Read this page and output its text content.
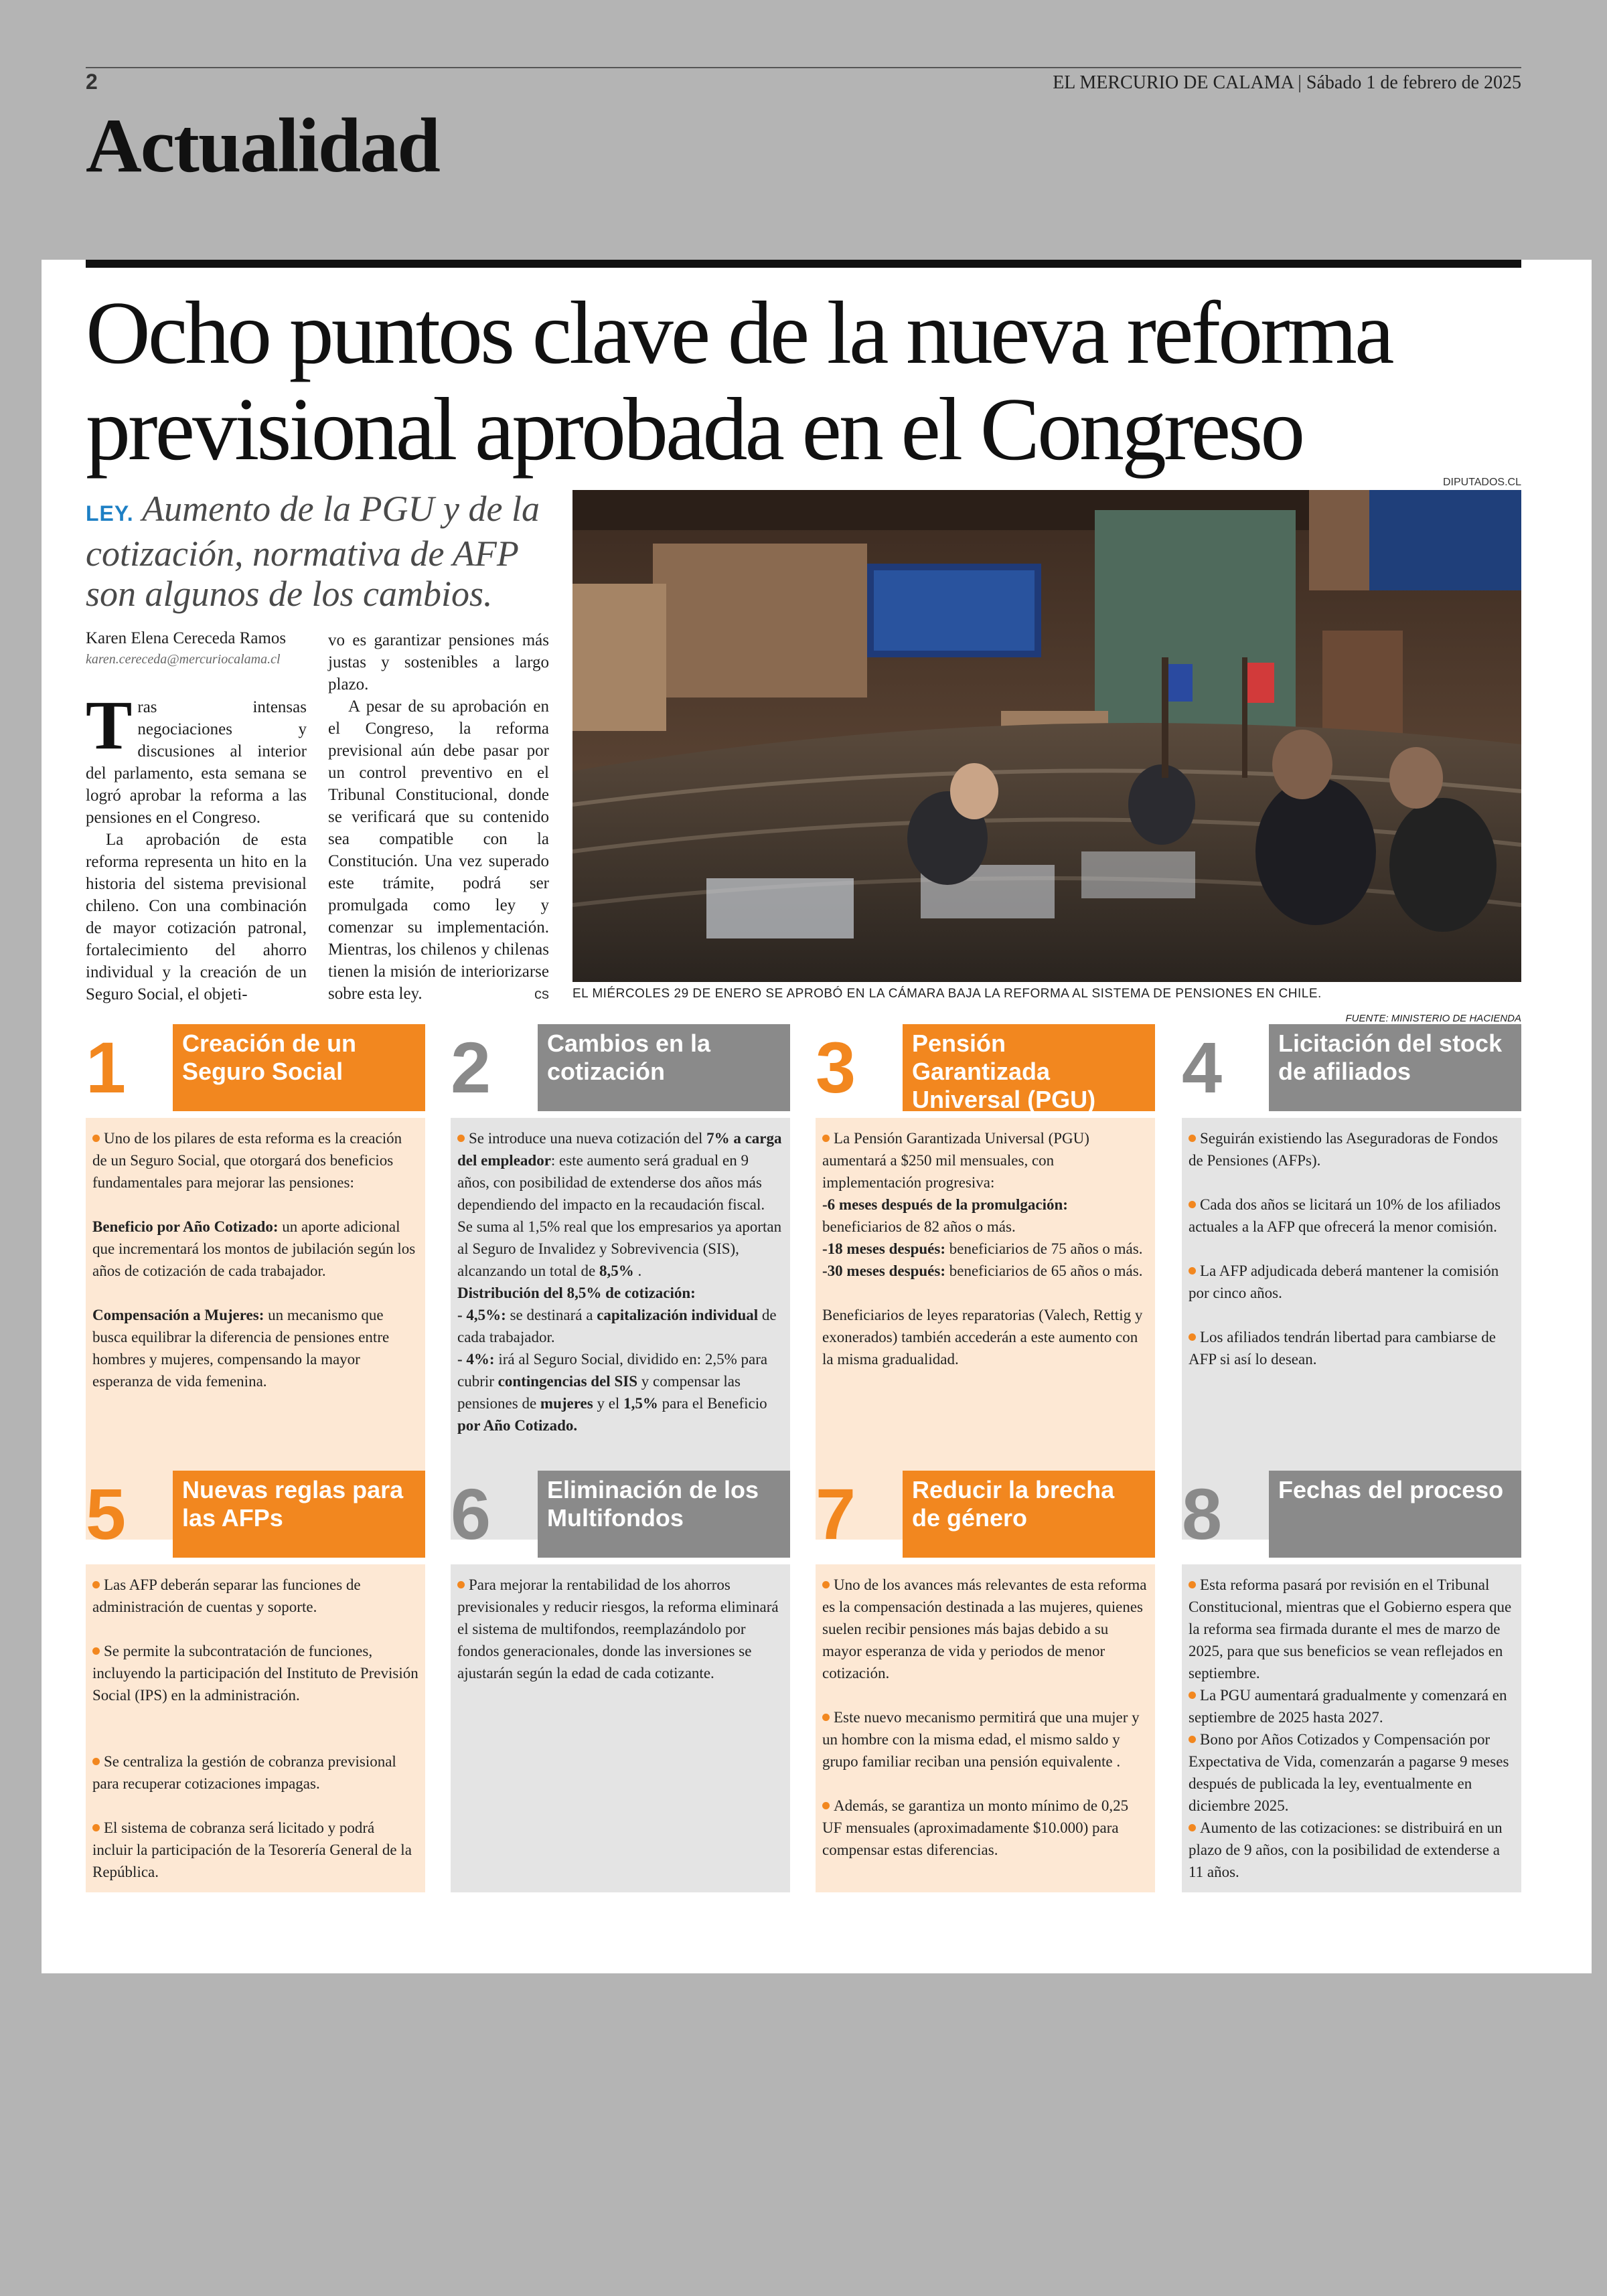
2	EL MERCURIO DE CALAMA | Sábado 1 de febrero de 2025
Actualidad
Ocho puntos clave de la nueva reforma previsional aprobada en el Congreso
LEY. Aumento de la PGU y de la cotización, normativa de AFP son algunos de los cambios.
Karen Elena Cereceda Ramos
karen.cereceda@mercuriocalama.cl

Tras intensas negociaciones y discusiones al interior del parlamento, esta semana se logró aprobar la reforma a las pensiones en el Congreso.

La aprobación de esta reforma representa un hito en la historia del sistema previsional chileno. Con una combinación de mayor cotización patronal, fortalecimiento del ahorro individual y la creación de un Seguro Social, el objeti-

vo es garantizar pensiones más justas y sostenibles a largo plazo.

A pesar de su aprobación en el Congreso, la reforma previsional aún debe pasar por un control preventivo en el Tribunal Constitucional, donde se verificará que su contenido sea compatible con la Constitución. Una vez superado este trámite, podrá ser promulgada como ley y comenzar su implementación. Mientras, los chilenos y chilenas tienen la misión de interiorizarse sobre esta ley.	cs

DIPUTADOS.CL
EL MIÉRCOLES 29 DE ENERO SE APROBÓ EN LA CÁMARA BAJA LA REFORMA AL SISTEMA DE PENSIONES EN CHILE.
FUENTE: MINISTERIO DE HACIENDA
1	Creación de un Seguro Social

Uno de los pilares de esta reforma es la creación de un Seguro Social, que otorgará dos beneficios fundamentales para mejorar las pensiones:

Beneficio por Año Cotizado: un aporte adicional que incrementará los montos de jubilación según los años de cotización de cada trabajador.

Compensación a Mujeres: un mecanismo que busca equilibrar la diferencia de pensiones entre hombres y mujeres, compensando la mayor esperanza de vida femenina.

2	Cambios en la cotización

Se introduce una nueva cotización del 7% a carga del empleador: este aumento será gradual en 9 años, con posibilidad de extenderse dos años más dependiendo del impacto en la recaudación fiscal. Se suma al 1,5% real que los empresarios ya aportan al Seguro de Invalidez y Sobrevivencia (SIS), alcanzando un total de 8,5% .

Distribución del 8,5% de cotización:

- 4,5%: se destinará a capitalización individual de cada trabajador.

- 4%: irá al Seguro Social, dividido en: 2,5% para cubrir contingencias del SIS y compensar las pensiones de mujeres y el 1,5% para el Beneficio por Año Cotizado.

3	Pensión Garantizada Universal (PGU)

La Pensión Garantizada Universal (PGU) aumentará a $250 mil mensuales, con implementación progresiva:

-6 meses después de la promulgación: beneficiarios de 82 años o más.

-18 meses después: beneficiarios de 75 años o más.

-30 meses después: beneficiarios de 65 años o más.

Beneficiarios de leyes reparatorias (Valech, Rettig y exonerados) también accederán a este aumento con la misma gradualidad.

4	Licitación del stock de afiliados

Seguirán existiendo las Aseguradoras de Fondos de Pensiones (AFPs).

Cada dos años se licitará un 10% de los afiliados actuales a la AFP que ofrecerá la menor comisión.

La AFP adjudicada deberá mantener la comisión por cinco años.

Los afiliados tendrán libertad para cambiarse de AFP si así lo desean.

5	Nuevas reglas para las AFPs

Las AFP deberán separar las funciones de administración de cuentas y soporte.

Se permite la subcontratación de funciones, incluyendo la participación del Instituto de Previsión Social (IPS) en la administración.

Se centraliza la gestión de cobranza previsional para recuperar cotizaciones impagas.

El sistema de cobranza será licitado y podrá incluir la participación de la Tesorería General de la República.

6	Eliminación de los Multifondos

Para mejorar la rentabilidad de los ahorros previsionales y reducir riesgos, la reforma eliminará el sistema de multifondos, reemplazándolo por fondos generacionales, donde las inversiones se ajustarán según la edad de cada cotizante.

7	Reducir la brecha de género

Uno de los avances más relevantes de esta reforma es la compensación destinada a las mujeres, quienes suelen recibir pensiones más bajas debido a su mayor esperanza de vida y periodos de menor cotización.

Este nuevo mecanismo permitirá que una mujer y un hombre con la misma edad, el mismo saldo y grupo familiar reciban una pensión equivalente .

Además, se garantiza un monto mínimo de 0,25 UF mensuales (aproximadamente $10.000) para compensar estas diferencias.

8	Fechas del proceso

Esta reforma pasará por revisión en el Tribunal Constitucional, mientras que el Gobierno espera que la reforma sea firmada durante el mes de marzo de 2025, para que sus beneficios se vean reflejados en septiembre.

La PGU aumentará gradualmente y comenzará en septiembre de 2025 hasta 2027.

Bono por Años Cotizados y Compensación por Expectativa de Vida, comenzarán a pagarse 9 meses después de publicada la ley, eventualmente en diciembre 2025.

Aumento de las cotizaciones: se distribuirá en un plazo de 9 años, con la posibilidad de extenderse a 11 años.
